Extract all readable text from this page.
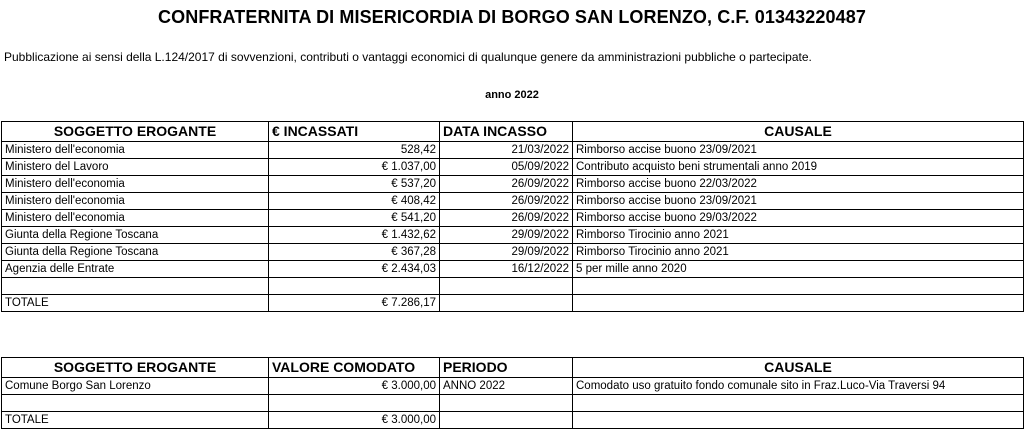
CONFRATERNITA DI MISERICORDIA DI BORGO SAN LORENZO, C.F. 01343220487
Pubblicazione ai sensi della L.124/2017 di sovvenzioni, contributi o vantaggi economici di qualunque genere da amministrazioni pubbliche o partecipate.
anno 2022
SOGGETTO EROGANTE	€ INCASSATI	DATA INCASSO	CAUSALE
Ministero dell'economia	528,42	21/03/2022	Rimborso accise buono 23/09/2021
Ministero del Lavoro	€ 1.037,00	05/09/2022	Contributo acquisto beni strumentali anno 2019
Ministero dell'economia	€ 537,20	26/09/2022	Rimborso accise buono 22/03/2022
Ministero dell'economia	€ 408,42	26/09/2022	Rimborso accise buono 23/09/2021
Ministero dell'economia	€ 541,20	26/09/2022	Rimborso accise buono 29/03/2022
Giunta della Regione Toscana	€ 1.432,62	29/09/2022	Rimborso Tirocinio anno 2021
Giunta della Regione Toscana	€ 367,28	29/09/2022	Rimborso Tirocinio anno 2021
Agenzia delle Entrate	€ 2.434,03	16/12/2022	5 per mille anno 2020

TOTALE	€ 7.286,17		
SOGGETTO EROGANTE	VALORE COMODATO	PERIODO	CAUSALE
Comune Borgo San Lorenzo	€ 3.000,00	ANNO 2022	Comodato uso gratuito fondo comunale sito in Fraz.Luco-Via Traversi 94

TOTALE	€ 3.000,00		
